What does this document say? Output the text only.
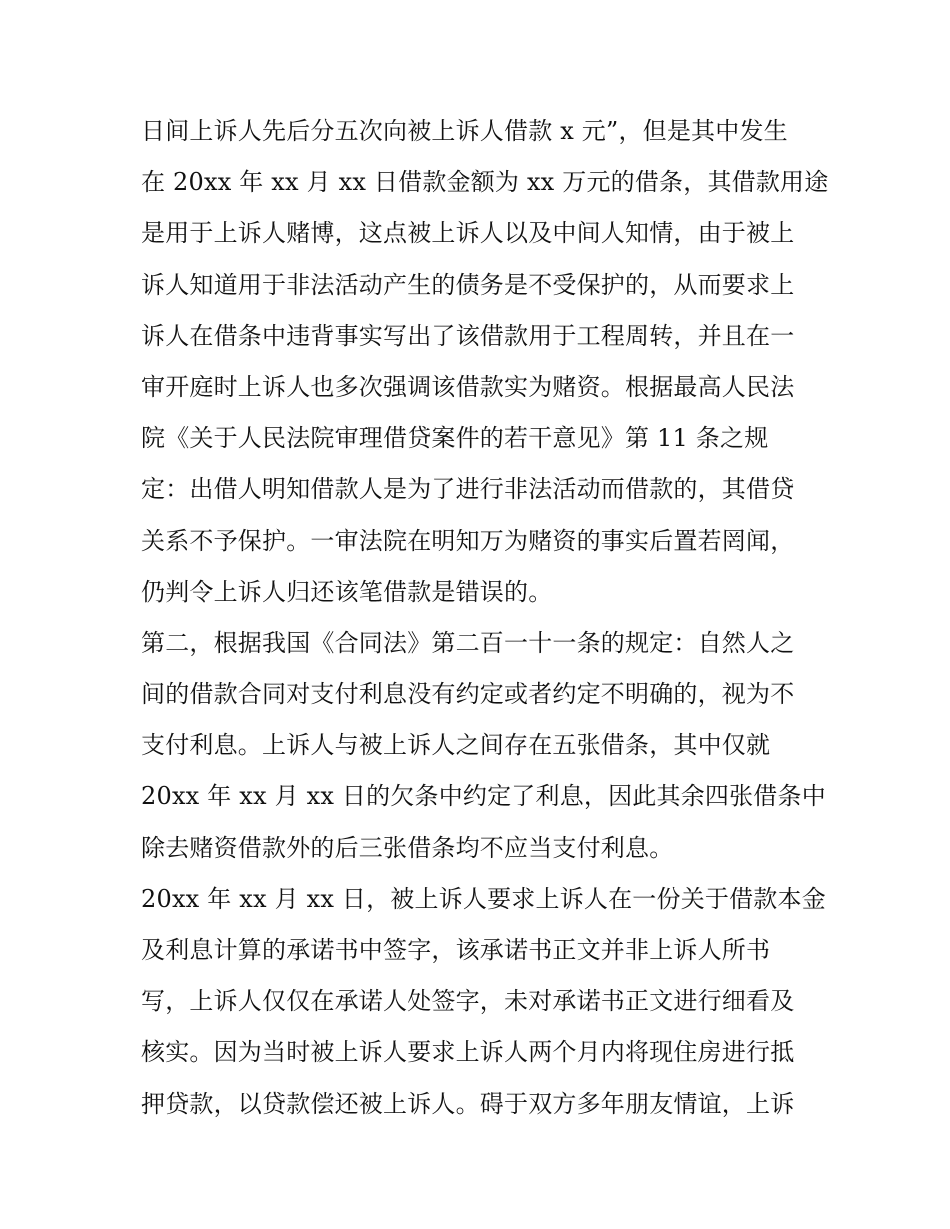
日间上诉人先后分五次向被上诉人借款 x 元”，但是其中发生
在 20xx 年 xx 月 xx 日借款金额为 xx 万元的借条，其借款用途
是用于上诉人赌博，这点被上诉人以及中间人知情，由于被上
诉人知道用于非法活动产生的债务是不受保护的，从而要求上
诉人在借条中违背事实写出了该借款用于工程周转，并且在一
审开庭时上诉人也多次强调该借款实为赌资。根据最高人民法
院《关于人民法院审理借贷案件的若干意见》第 11 条之规
定：出借人明知借款人是为了进行非法活动而借款的，其借贷
关系不予保护。一审法院在明知万为赌资的事实后置若罔闻，
仍判令上诉人归还该笔借款是错误的。
第二，根据我国《合同法》第二百一十一条的规定：自然人之
间的借款合同对支付利息没有约定或者约定不明确的，视为不
支付利息。上诉人与被上诉人之间存在五张借条，其中仅就
20xx 年 xx 月 xx 日的欠条中约定了利息，因此其余四张借条中
除去赌资借款外的后三张借条均不应当支付利息。
20xx 年 xx 月 xx 日，被上诉人要求上诉人在一份关于借款本金
及利息计算的承诺书中签字，该承诺书正文并非上诉人所书
写，上诉人仅仅在承诺人处签字，未对承诺书正文进行细看及
核实。因为当时被上诉人要求上诉人两个月内将现住房进行抵
押贷款，以贷款偿还被上诉人。碍于双方多年朋友情谊，上诉
